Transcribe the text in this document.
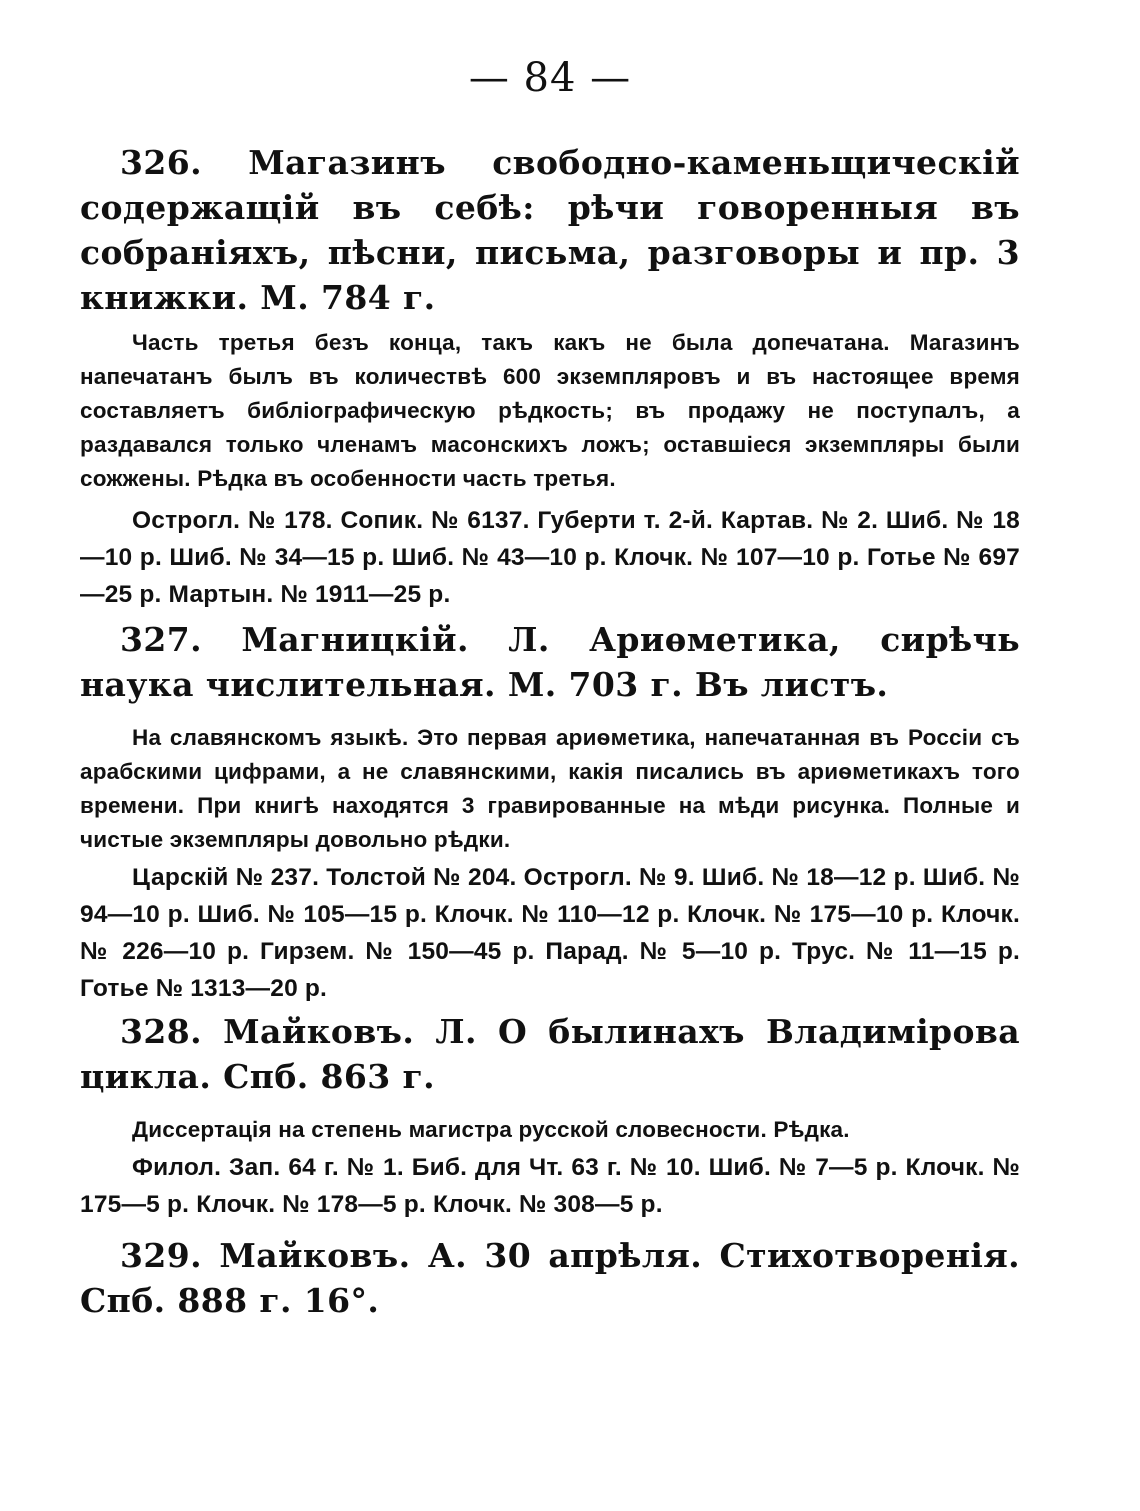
— 84 —

326. Магазинъ свободно-каменьщическій содержащій въ себѣ: рѣчи говоренныя въ собраніяхъ, пѣсни, письма, разговоры и пр. 3 книжки. М. 784 г.

Часть третья безъ конца, такъ какъ не была допечатана. Магазинъ напечатанъ былъ въ количествѣ 600 экземпляровъ и въ настоящее время составляетъ библіографическую рѣдкость; въ продажу не поступалъ, а раздавался только членамъ масонскихъ ложъ; оставшіеся экземпляры были сожжены. Рѣдка въ особенности часть третья.

Острогл. № 178. Сопик. № 6137. Губерти т. 2-й. Картав. № 2. Шиб. № 18—10 р. Шиб. № 34—15 р. Шиб. № 43—10 р. Клочк. № 107—10 р. Готье № 697—25 р. Мартын. № 1911—25 р.

327. Магницкій. Л. Ариѳметика, сирѣчь наука числительная. М. 703 г. Въ листъ.

На славянскомъ языкѣ. Это первая ариѳметика, напечатанная въ Россіи съ арабскими цифрами, а не славянскими, какія писались въ ариѳметикахъ того времени. При книгѣ находятся 3 гравированные на мѣди рисунка. Полные и чистые экземпляры довольно рѣдки.

Царскій № 237. Толстой № 204. Острогл. № 9. Шиб. № 18—12 р. Шиб. № 94—10 р. Шиб. № 105—15 р. Клочк. № 110—12 р. Клочк. № 175—10 р. Клочк. № 226—10 р. Гирзем. № 150—45 р. Парад. № 5—10 р. Трус. № 11—15 р. Готье № 1313—20 р.

328. Майковъ. Л. О былинахъ Владимірова цикла. Спб. 863 г.

Диссертація на степень магистра русской словесности. Рѣдка.

Филол. Зап. 64 г. № 1. Биб. для Чт. 63 г. № 10. Шиб. № 7—5 р. Клочк. № 175—5 р. Клочк. № 178—5 р. Клочк. № 308—5 р.

329. Майковъ. А. 30 апрѣля. Стихотворенія. Спб. 888 г. 16°.
